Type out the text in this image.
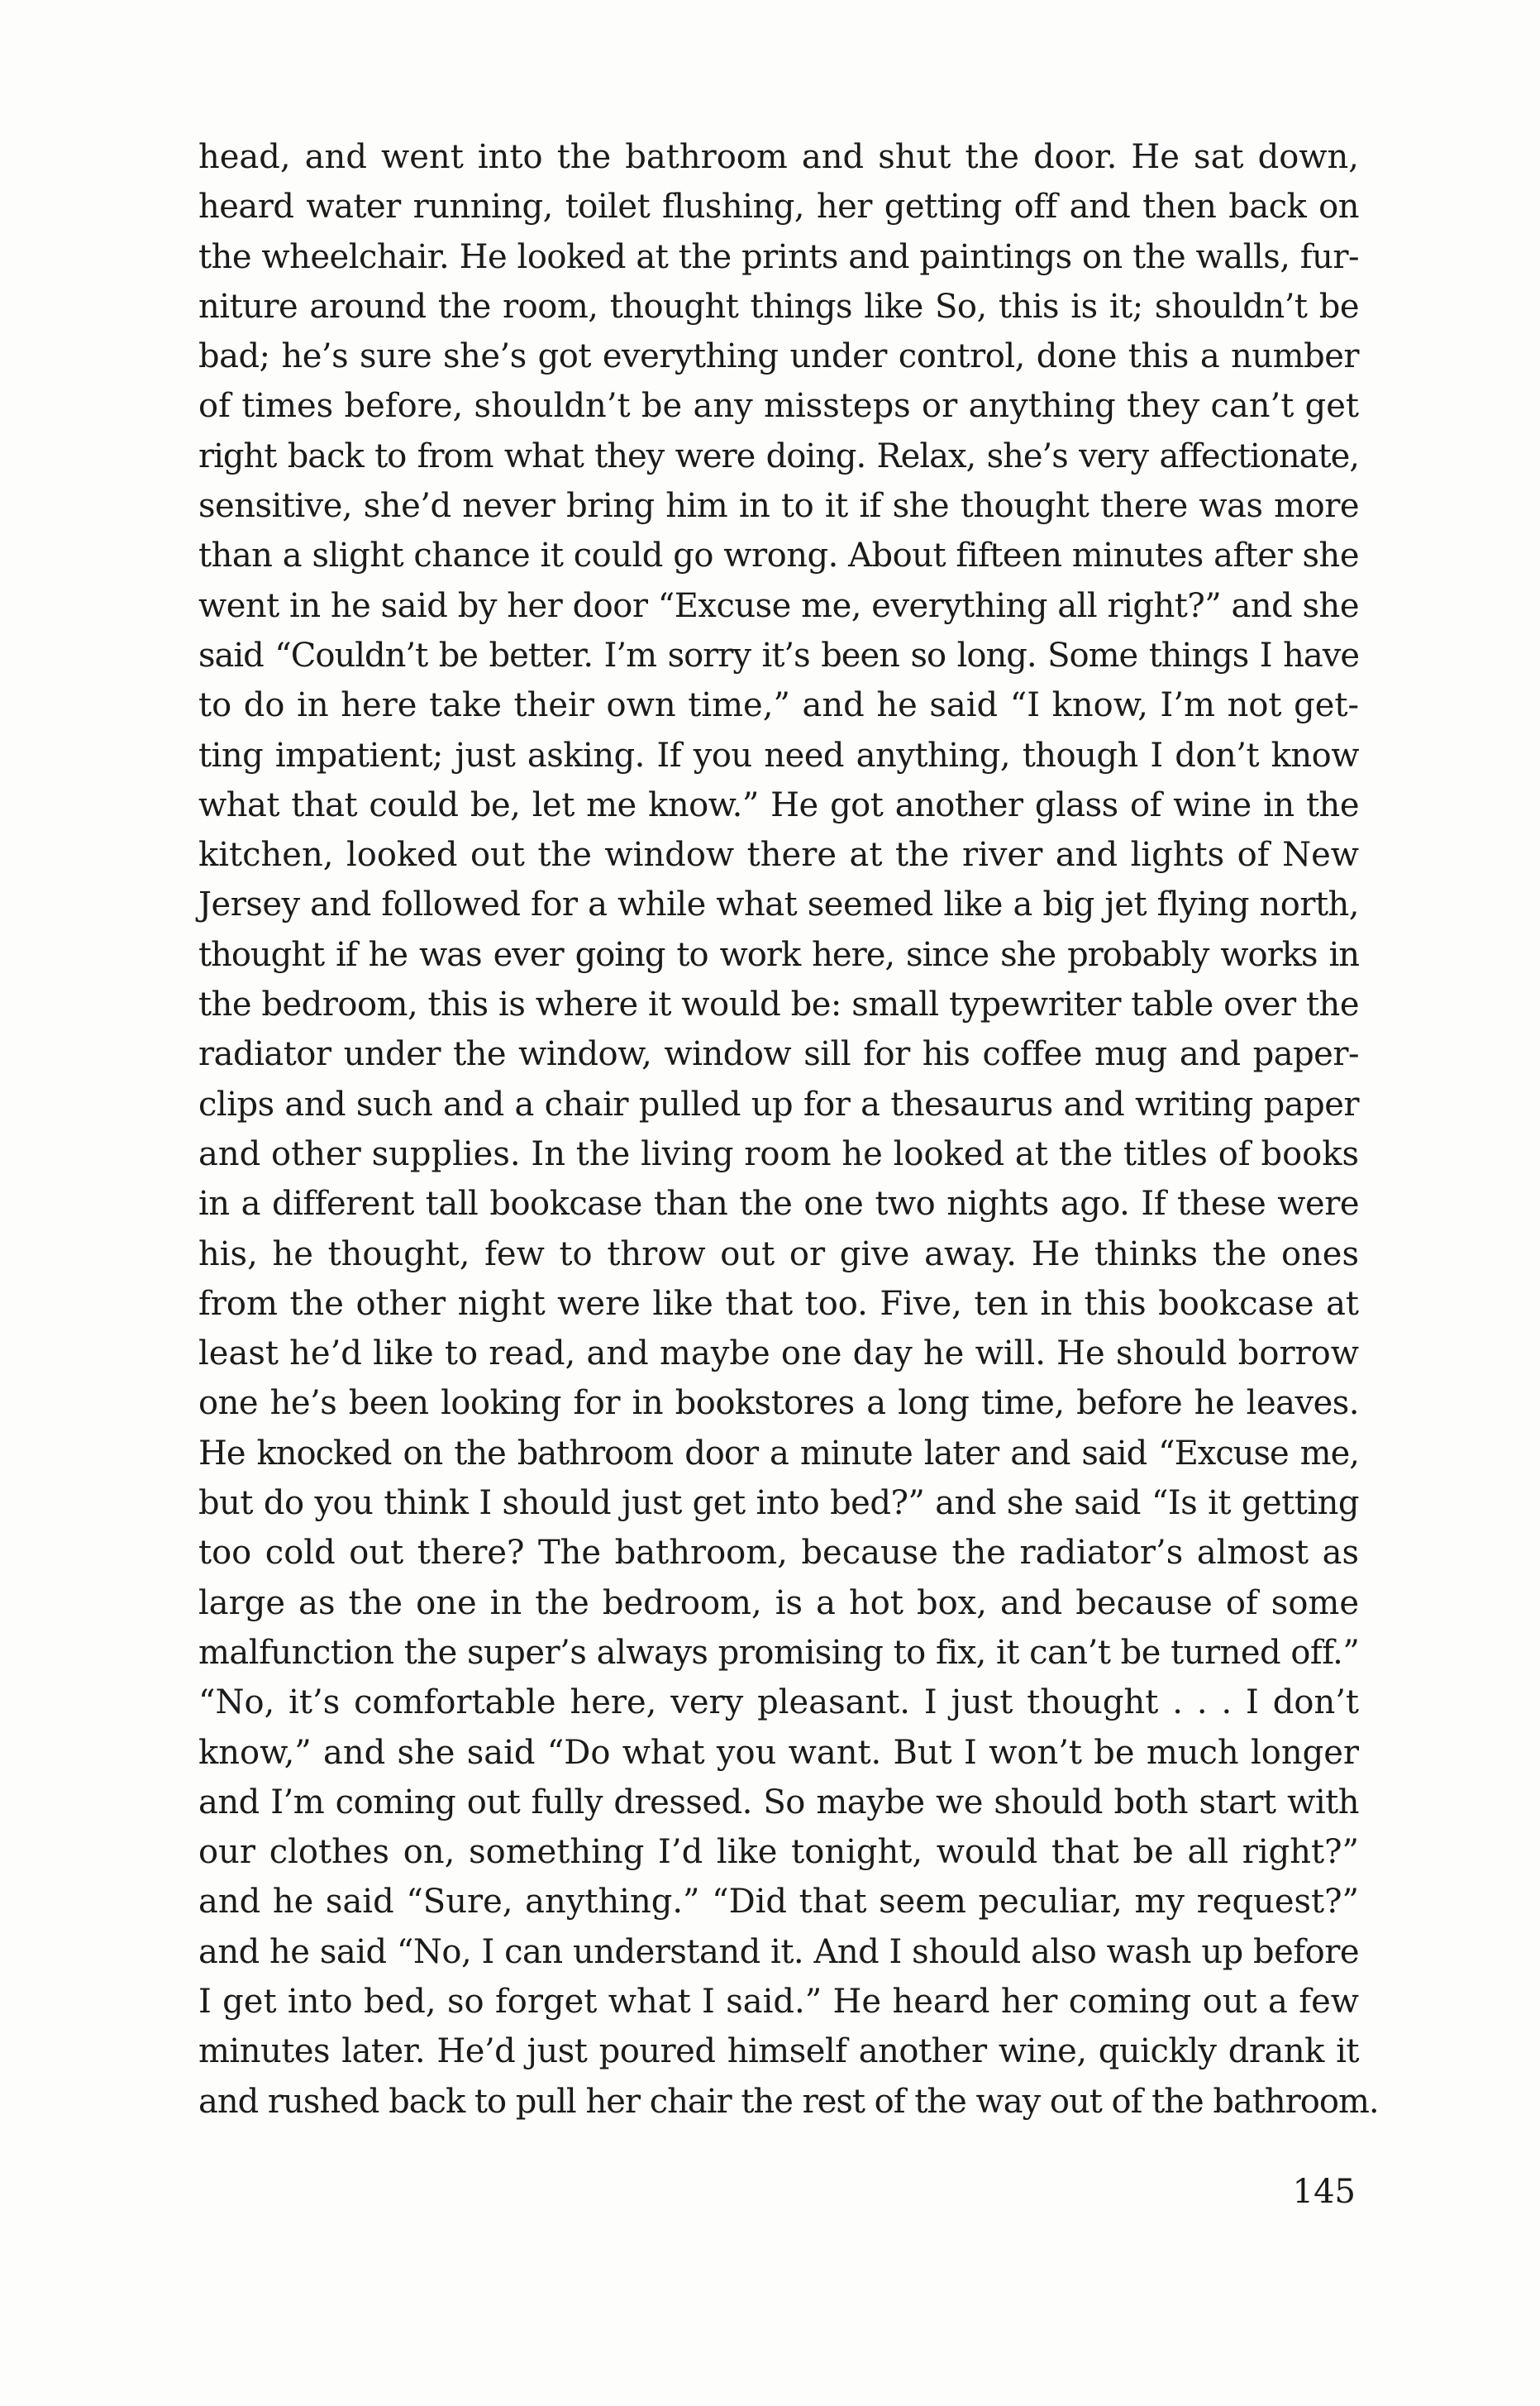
head, and went into the bathroom and shut the door. He sat down,
heard water running, toilet flushing, her getting off and then back on
the wheelchair. He looked at the prints and paintings on the walls, fur-
niture around the room, thought things like So, this is it; shouldn’t be
bad; he’s sure she’s got everything under control, done this a number
of times before, shouldn’t be any missteps or anything they can’t get
right back to from what they were doing. Relax, she’s very affectionate,
sensitive, she’d never bring him in to it if she thought there was more
than a slight chance it could go wrong. About fifteen minutes after she
went in he said by her door “Excuse me, everything all right?” and she
said “Couldn’t be better. I’m sorry it’s been so long. Some things I have
to do in here take their own time,” and he said “I know, I’m not get-
ting impatient; just asking. If you need anything, though I don’t know
what that could be, let me know.” He got another glass of wine in the
kitchen, looked out the window there at the river and lights of New
Jersey and followed for a while what seemed like a big jet flying north,
thought if he was ever going to work here, since she probably works in
the bedroom, this is where it would be: small typewriter table over the
radiator under the window, window sill for his coffee mug and paper-
clips and such and a chair pulled up for a thesaurus and writing paper
and other supplies. In the living room he looked at the titles of books
in a different tall bookcase than the one two nights ago. If these were
his, he thought, few to throw out or give away. He thinks the ones
from the other night were like that too. Five, ten in this bookcase at
least he’d like to read, and maybe one day he will. He should borrow
one he’s been looking for in bookstores a long time, before he leaves.
He knocked on the bathroom door a minute later and said “Excuse me,
but do you think I should just get into bed?” and she said “Is it getting
too cold out there? The bathroom, because the radiator’s almost as
large as the one in the bedroom, is a hot box, and because of some
malfunction the super’s always promising to fix, it can’t be turned off.”
“No, it’s comfortable here, very pleasant. I just thought . . . I don’t
know,” and she said “Do what you want. But I won’t be much longer
and I’m coming out fully dressed. So maybe we should both start with
our clothes on, something I’d like tonight, would that be all right?”
and he said “Sure, anything.” “Did that seem peculiar, my request?”
and he said “No, I can understand it. And I should also wash up before
I get into bed, so forget what I said.” He heard her coming out a few
minutes later. He’d just poured himself another wine, quickly drank it
and rushed back to pull her chair the rest of the way out of the bathroom.
145
